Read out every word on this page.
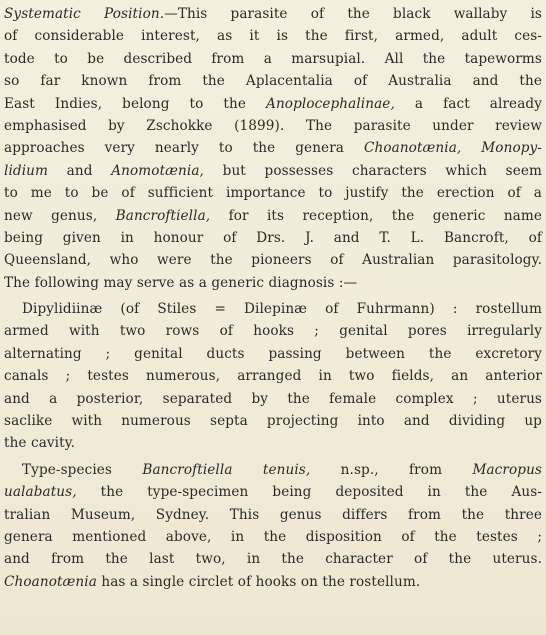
Systematic Position.—This parasite of the black wallaby is
of considerable interest, as it is the first, armed, adult ces-
tode to be described from a marsupial. All the tapeworms
so far known from the Aplacentalia of Australia and the
East Indies, belong to the Anoplocephalinae, a fact already
emphasised by Zschokke (1899). The parasite under review
approaches very nearly to the genera Choanotænia, Monopy-
lidium and Anomotænia, but possesses characters which seem
to me to be of sufficient importance to justify the erection of a
new genus, Bancroftiella, for its reception, the generic name
being given in honour of Drs. J. and T. L. Bancroft, of
Queensland, who were the pioneers of Australian parasitology.
The following may serve as a generic diagnosis :—
Dipylidiinæ (of Stiles = Dilepinæ of Fuhrmann) : rostellum
armed with two rows of hooks ; genital pores irregularly
alternating ; genital ducts passing between the excretory
canals ; testes numerous, arranged in two fields, an anterior
and a posterior, separated by the female complex ; uterus
saclike with numerous septa projecting into and dividing up
the cavity.
Type-species Bancroftiella tenuis, n.sp., from Macropus
ualabatus, the type-specimen being deposited in the Aus-
tralian Museum, Sydney. This genus differs from the three
genera mentioned above, in the disposition of the testes ;
and from the last two, in the character of the uterus.
Choanotænia has a single circlet of hooks on the rostellum.
